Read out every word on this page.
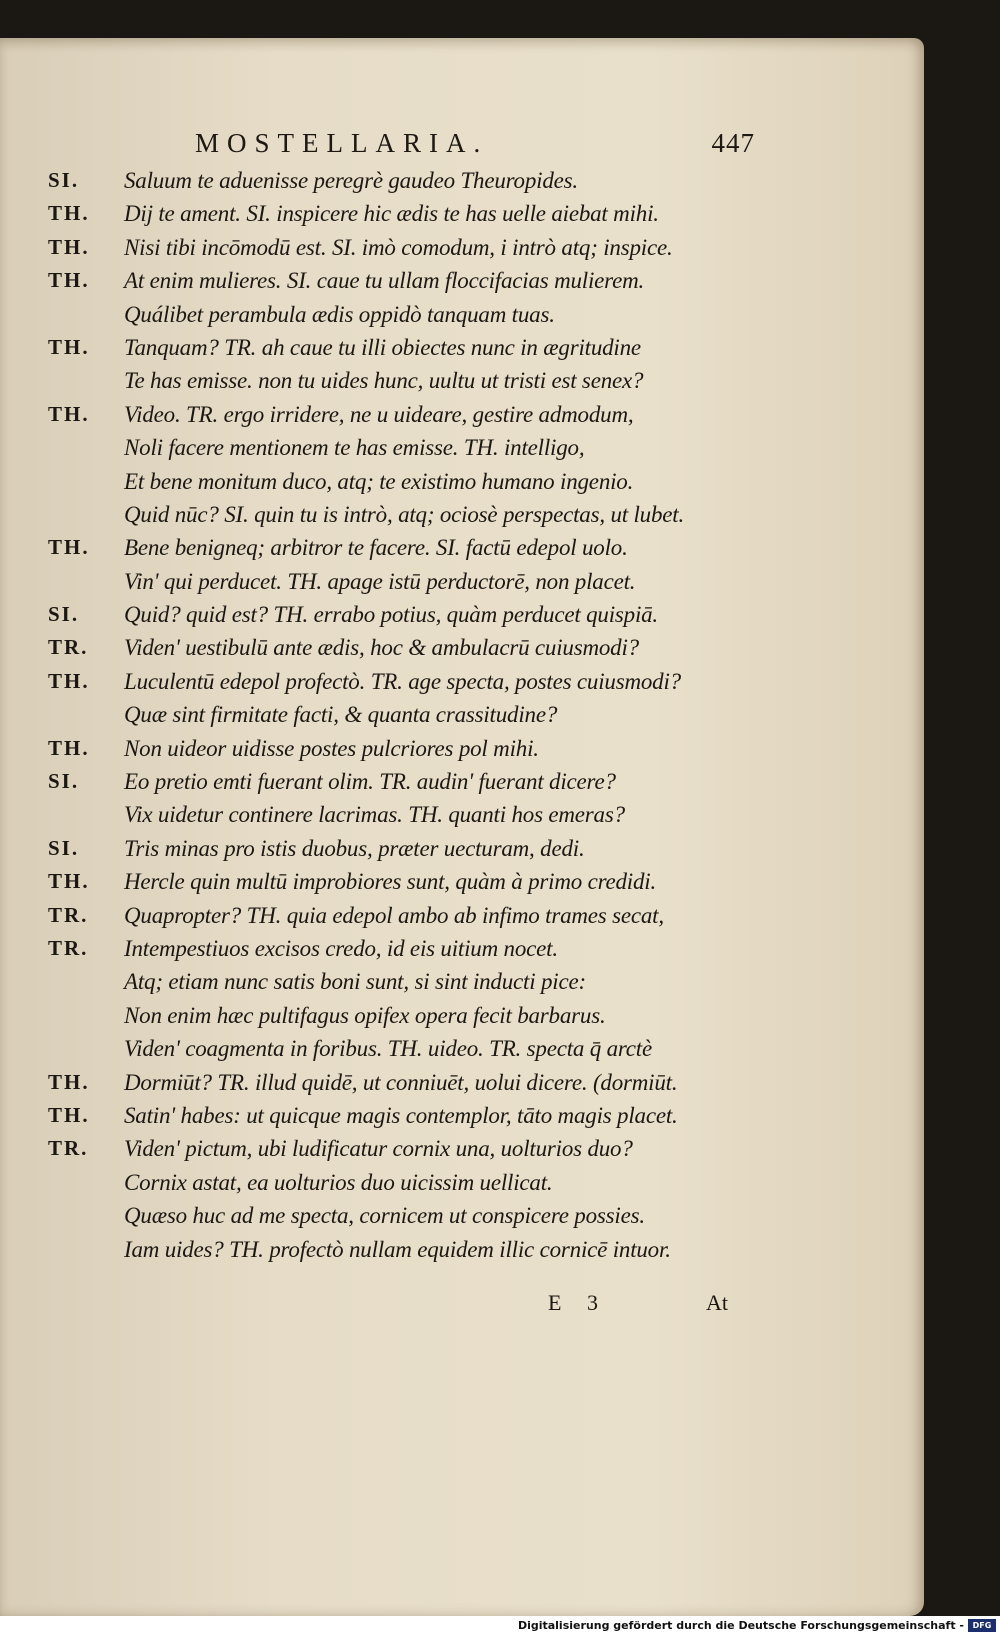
MOSTELLARIA.	447
SI. Saluum te aduenisse peregrè gaudeo Theuropides.
TH. Dij te ament. SI. inspicere hic ædis te has uelle aiebat mihi.
TH. Nisi tibi incōmodū est. SI. imò comodum, i intrò atq; inspice.
TH. At enim mulieres. SI. caue tu ullam floccifacias mulierem.
Quálibet perambula ædis oppidò tanquam tuas.
TH. Tanquam? TR. ah caue tu illi obiectes nunc in ægritudine
Te has emisse. non tu uides hunc, uultu ut tristi est senex?
TH. Video. TR. ergo irridere, ne u uideare, gestire admodum,
Noli facere mentionem te has emisse. TH. intelligo,
Et bene monitum duco, atq; te existimo humano ingenio.
Quid nūc? SI. quin tu is intrò, atq; ociosè perspectas, ut lubet.
TH. Bene benigneq; arbitror te facere. SI. factū edepol uolo.
Vin' qui perducet. TH. apage istū perductorē, non placet.
SI. Quid? quid est? TH. errabo potius, quàm perducet quispiā.
TR. Viden' uestibulū ante ædis, hoc & ambulacrū cuiusmodi?
TH. Luculentū edepol profectò. TR. age specta, postes cuiusmodi?
Quæ sint firmitate facti, & quanta crassitudine?
TH. Non uideor uidisse postes pulcriores pol mihi.
SI. Eo pretio emti fuerant olim. TR. audin' fuerant dicere?
Vix uidetur continere lacrimas. TH. quanti hos emeras?
SI. Tris minas pro istis duobus, præter uecturam, dedi.
TH. Hercle quin multū improbiores sunt, quàm à primo credidi.
TR. Quapropter? TH. quia edepol ambo ab infimo trames secat,
TR. Intempestiuos excisos credo, id eis uitium nocet.
Atq; etiam nunc satis boni sunt, si sint inducti pice:
Non enim hæc pultifagus opifex opera fecit barbarus.
Viden' coagmenta in foribus. TH. uideo. TR. specta q̄ arctè
TH. Dormiūt? TR. illud quidē, ut conniuēt, uolui dicere. (dormiūt.
TH. Satin' habes: ut quicque magis contemplor, tāto magis placet.
TR. Viden' pictum, ubi ludificatur cornix una, uolturios duo?
Cornix astat, ea uolturios duo uicissim uellicat.
Quæso huc ad me specta, cornicem ut conspicere possies.
Iam uides? TH. profectò nullam equidem illic cornicē intuor.
E 3	At
Digitalisierung gefördert durch die Deutsche Forschungsgemeinschaft -	DFG
